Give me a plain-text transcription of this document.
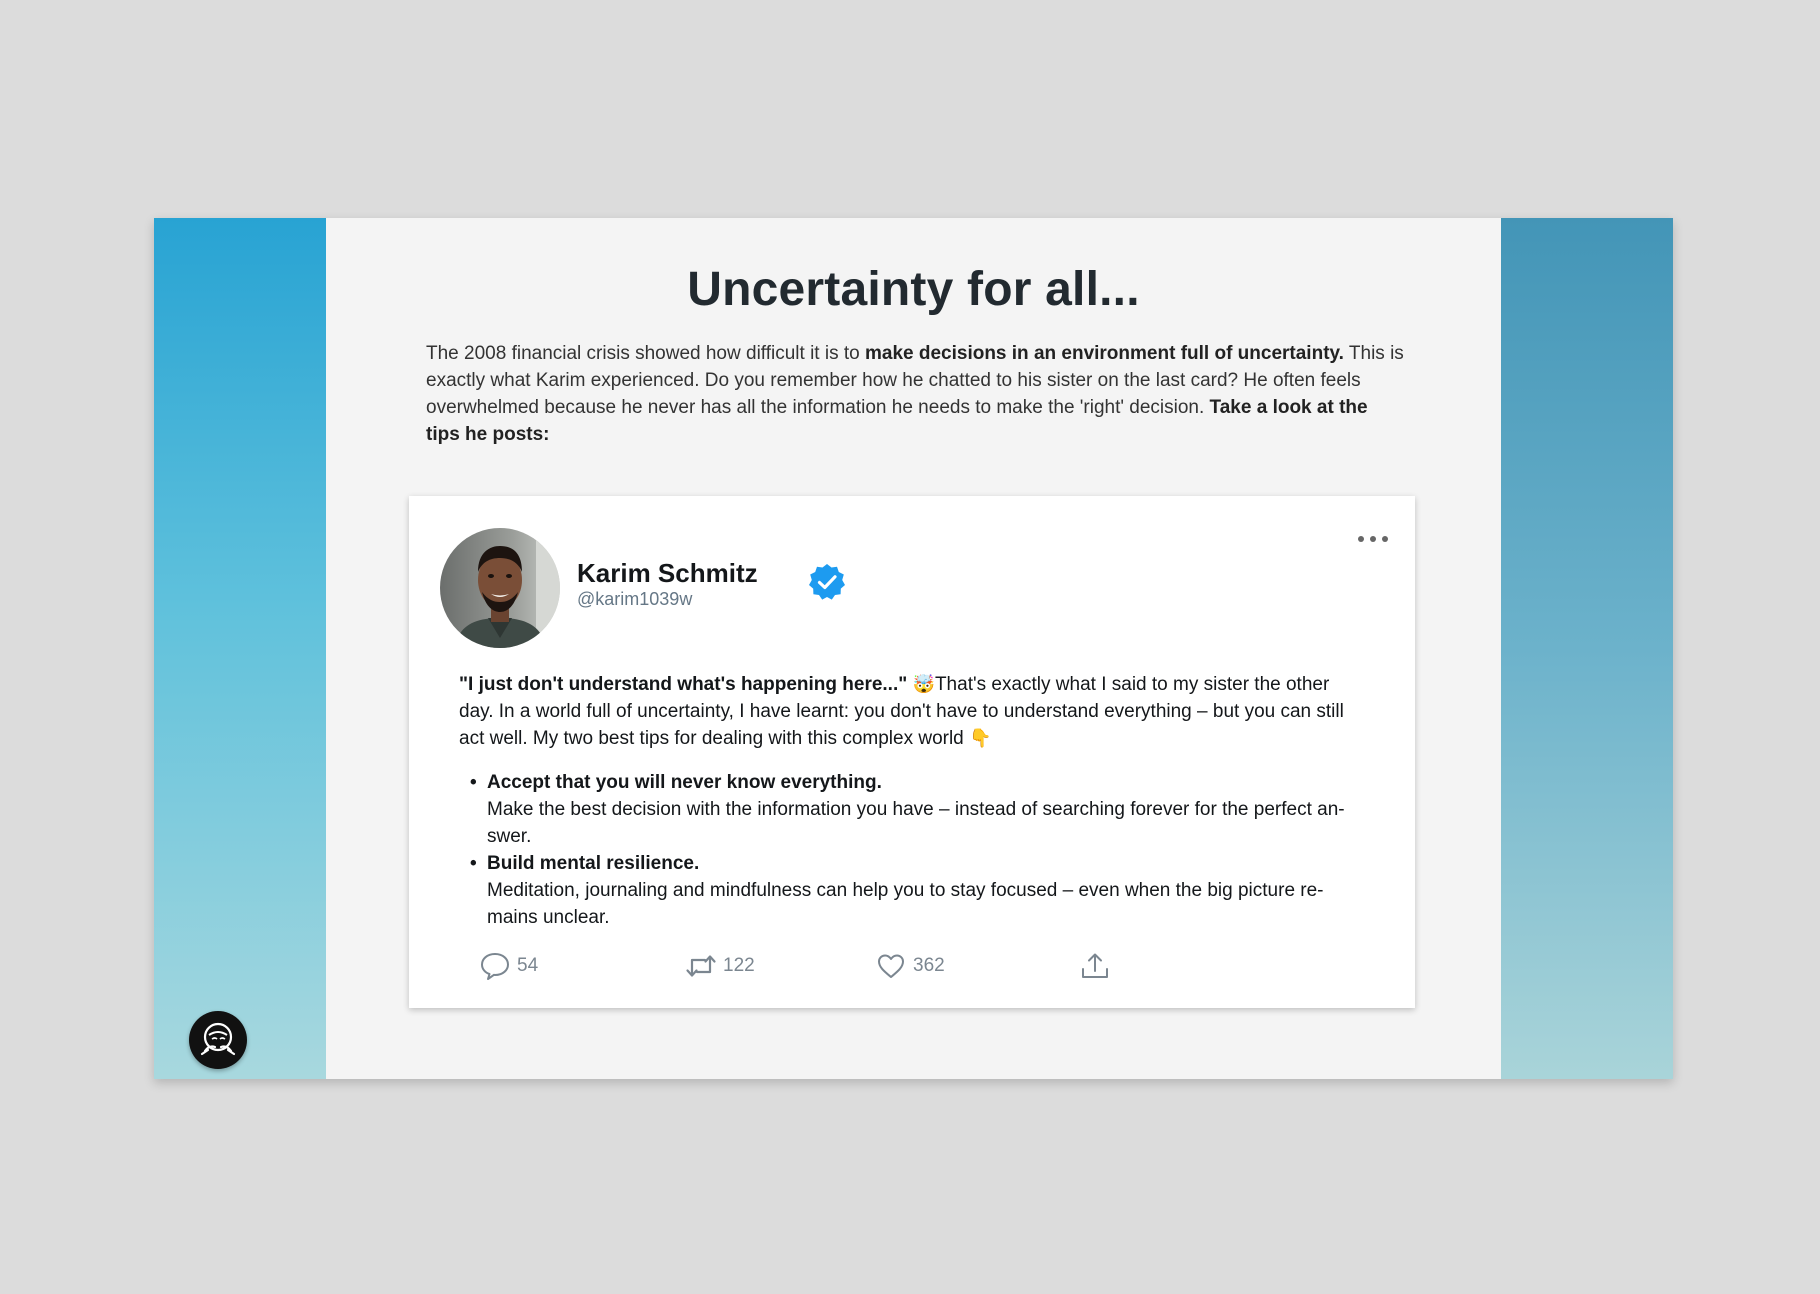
Uncertainty for all...
The 2008 financial crisis showed how difficult it is to make decisions in an environment full of uncertainty. This is exactly what Karim experienced. Do you remember how he chatted to his sister on the last card? He often feels overwhelmed because he never has all the information he needs to make the 'right' decision. Take a look at the tips he posts:
Karim Schmitz
@karim1039w

"I just don't understand what's happening here..." 🤯That's exactly what I said to my sister the other day. In a world full of uncertainty, I have learnt: you don't have to understand everything – but you can still act well. My two best tips for dealing with this complex world 👇

• Accept that you will never know everything.
Make the best decision with the information you have – instead of searching forever for the perfect an-swer.
• Build mental resilience.
Meditation, journaling and mindfulness can help you to stay focused – even when the big picture re-mains unclear.
54	122	362
